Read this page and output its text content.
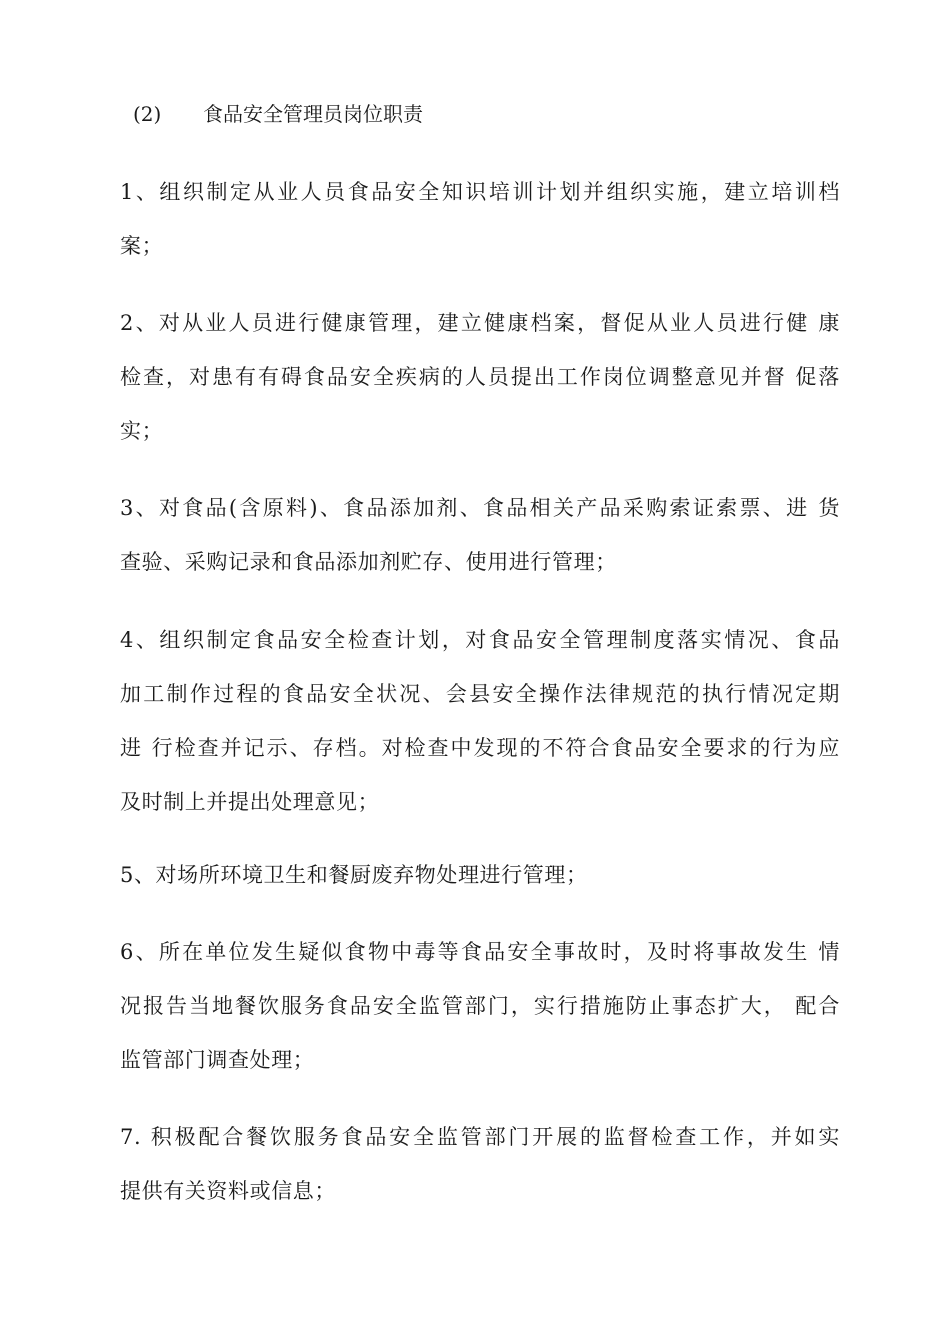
(2) 食品安全管理员岗位职责
1、组织制定从业人员食品安全知识培训计划并组织实施，建立培训档
案；
2、对从业人员进行健康管理，建立健康档案，督促从业人员进行健 康
检查，对患有有碍食品安全疾病的人员提出工作岗位调整意见并督 促落
实；
3、对食品(含原料)、食品添加剂、食品相关产品采购索证索票、进 货
查验、采购记录和食品添加剂贮存、使用进行管理；
4、组织制定食品安全检查计划，对食品安全管理制度落实情况、食品
加工制作过程的食品安全状况、会县安全操作法律规范的执行情况定期
进 行检查并记示、存档。对检查中发现的不符合食品安全要求的行为应
及时制上并提出处理意见；
5、对场所环境卫生和餐厨废弃物处理进行管理；
6、所在单位发生疑似食物中毒等食品安全事故时，及时将事故发生 情
况报告当地餐饮服务食品安全监管部门，实行措施防止事态扩大， 配合
监管部门调查处理；
7. 积极配合餐饮服务食品安全监管部门开展的监督检查工作，并如实
提供有关资料或信息；
